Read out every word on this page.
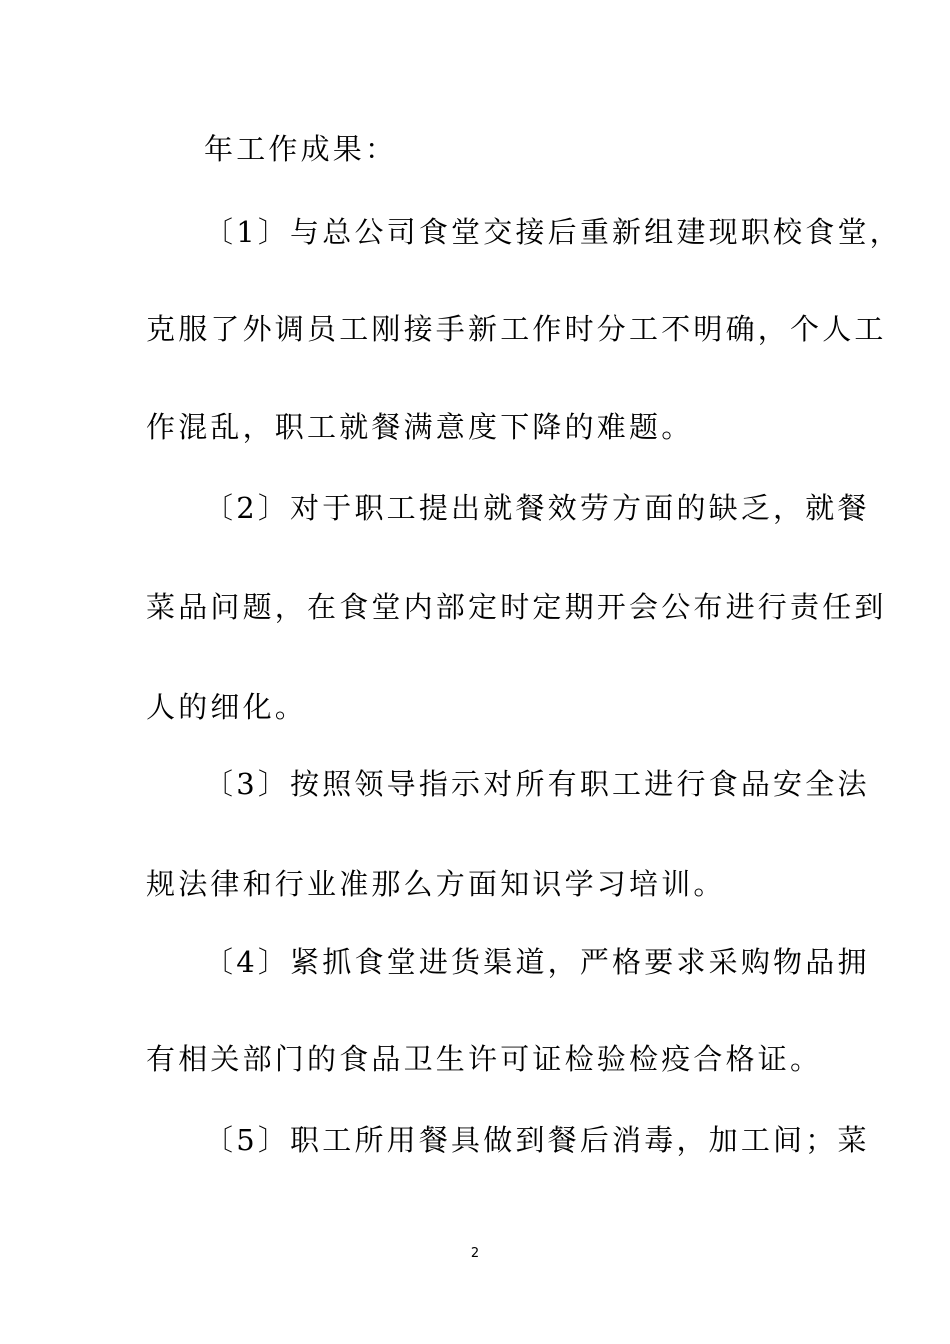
年工作成果：
〔1〕与总公司食堂交接后重新组建现职校食堂，
克服了外调员工刚接手新工作时分工不明确，个人工
作混乱，职工就餐满意度下降的难题。
〔2〕对于职工提出就餐效劳方面的缺乏，就餐
菜品问题，在食堂内部定时定期开会公布进行责任到
人的细化。
〔3〕按照领导指示对所有职工进行食品安全法
规法律和行业准那么方面知识学习培训。
〔4〕紧抓食堂进货渠道，严格要求采购物品拥
有相关部门的食品卫生许可证检验检疫合格证。
〔5〕职工所用餐具做到餐后消毒，加工间；菜
2
